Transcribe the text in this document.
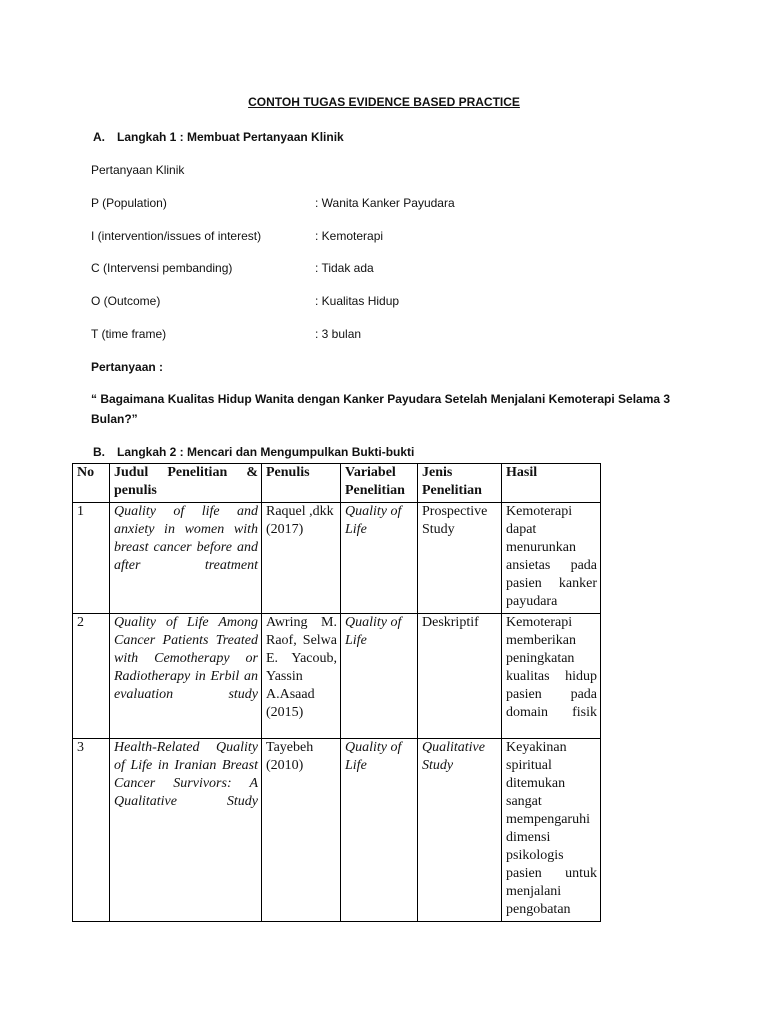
CONTOH TUGAS EVIDENCE BASED PRACTICE
A. Langkah 1 : Membuat Pertanyaan Klinik
Pertanyaan Klinik
P (Population)	: Wanita Kanker Payudara
I (intervention/issues of interest)	: Kemoterapi
C (Intervensi pembanding)	: Tidak ada
O (Outcome)	: Kualitas Hidup
T (time frame)	: 3 bulan
Pertanyaan :
“ Bagaimana Kualitas Hidup Wanita dengan Kanker Payudara Setelah Menjalani Kemoterapi Selama 3 Bulan?”
B. Langkah 2 : Mencari dan Mengumpulkan Bukti-bukti
No	Judul Penelitian & penulis	Penulis	Variabel Penelitian	Jenis Penelitian	Hasil
1	Quality of life and anxiety in women with breast cancer before and after treatment	Raquel ,dkk (2017)	Quality of Life	Prospective Study	Kemoterapi dapat menurunkan ansietas pada pasien kanker payudara
2	Quality of Life Among Cancer Patients Treated with Cemotherapy or Radiotherapy in Erbil an evaluation study	Awring M. Raof, Selwa E. Yacoub, Yassin A.Asaad (2015)	Quality of Life	Deskriptif	Kemoterapi memberikan peningkatan kualitas hidup pasien pada domain fisik
3	Health-Related Quality of Life in Iranian Breast Cancer Survivors: A Qualitative Study	Tayebeh (2010)	Quality of Life	Qualitative Study	Keyakinan spiritual ditemukan sangat mempengaruhi dimensi psikologis pasien untuk menjalani pengobatan
